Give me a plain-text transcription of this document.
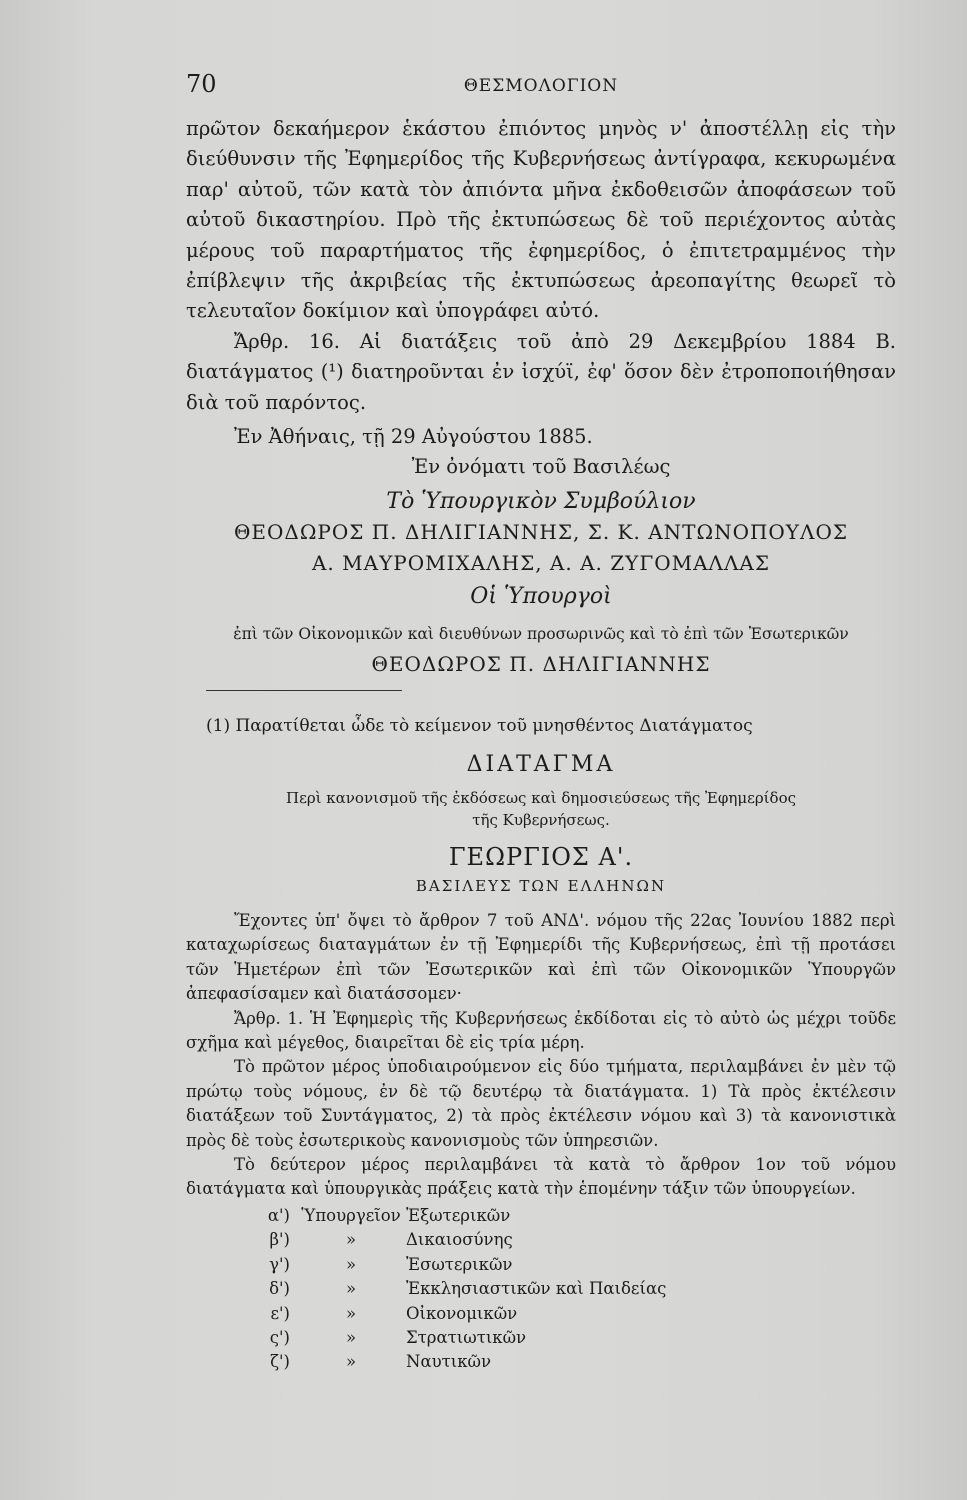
70	ΘΕΣΜΟΛΟΓΙΟΝ

πρῶτον δεκαήμερον ἑκάστου ἐπιόντος μηνὸς ν' ἀποστέλλῃ εἰς τὴν διεύθυνσιν τῆς Ἐφημερίδος τῆς Κυβερνήσεως ἀντίγραφα, κεκυρωμένα παρ' αὐτοῦ, τῶν κατὰ τὸν ἀπιόντα μῆνα ἐκδοθεισῶν ἀποφάσεων τοῦ αὐτοῦ δικαστηρίου. Πρὸ τῆς ἐκτυπώσεως δὲ τοῦ περιέχοντος αὐτὰς μέρους τοῦ παραρτήματος τῆς ἐφημερίδος, ὁ ἐπιτετραμμένος τὴν ἐπίβλεψιν τῆς ἀκριβείας τῆς ἐκτυπώσεως ἀρεοπαγίτης θεωρεῖ τὸ τελευταῖον δοκίμιον καὶ ὑπογράφει αὐτό.

Ἄρθρ. 16. Αἱ διατάξεις τοῦ ἀπὸ 29 Δεκεμβρίου 1884 Β. διατάγματος (¹) διατηροῦνται ἐν ἰσχύϊ, ἐφ' ὅσον δὲν ἐτροποποιήθησαν διὰ τοῦ παρόντος.

Ἐν Ἀθήναις, τῇ 29 Αὐγούστου 1885.

Ἐν ὀνόματι τοῦ Βασιλέως

Τὸ Ὑπουργικὸν Συμβούλιον

ΘΕΟΔΩΡΟΣ Π. ΔΗΛΙΓΙΑΝΝΗΣ, Σ. Κ. ΑΝΤΩΝΟΠΟΥΛΟΣ

Α. ΜΑΥΡΟΜΙΧΑΛΗΣ, Α. Α. ΖΥΓΟΜΑΛΛΑΣ

Οἱ Ὑπουργοὶ

ἐπὶ τῶν Οἰκονομικῶν καὶ διευθύνων προσωρινῶς καὶ τὸ ἐπὶ τῶν Ἐσωτερικῶν

ΘΕΟΔΩΡΟΣ Π. ΔΗΛΙΓΙΑΝΝΗΣ

(1) Παρατίθεται ὧδε τὸ κείμενον τοῦ μνησθέντος Διατάγματος
ΔΙΑΤΑΓΜΑ
Περὶ κανονισμοῦ τῆς ἐκδόσεως καὶ δημοσιεύσεως τῆς Ἐφημερίδος
τῆς Κυβερνήσεως.
ΓΕΩΡΓΙΟΣ Α'.
ΒΑΣΙΛΕΥΣ ΤΩΝ ΕΛΛΗΝΩΝ

Ἔχοντες ὑπ' ὄψει τὸ ἄρθρον 7 τοῦ ΑΝΔ'. νόμου τῆς 22ας Ἰουνίου 1882 περὶ καταχωρίσεως διαταγμάτων ἐν τῇ Ἐφημερίδι τῆς Κυβερνήσεως, ἐπὶ τῇ προτάσει τῶν Ἡμετέρων ἐπὶ τῶν Ἐσωτερικῶν καὶ ἐπὶ τῶν Οἰκονομικῶν Ὑπουργῶν ἀπεφασίσαμεν καὶ διατάσσομεν·

Ἄρθρ. 1. Ἡ Ἐφημερὶς τῆς Κυβερνήσεως ἐκδίδοται εἰς τὸ αὐτὸ ὡς μέχρι τοῦδε σχῆμα καὶ μέγεθος, διαιρεῖται δὲ εἰς τρία μέρη.

Τὸ πρῶτον μέρος ὑποδιαιρούμενον εἰς δύο τμήματα, περιλαμβάνει ἐν μὲν τῷ πρώτῳ τοὺς νόμους, ἐν δὲ τῷ δευτέρῳ τὰ διατάγματα. 1) Τὰ πρὸς ἐκτέλεσιν διατάξεων τοῦ Συντάγματος, 2) τὰ πρὸς ἐκτέλεσιν νόμου καὶ 3) τὰ κανονιστικὰ πρὸς δὲ τοὺς ἐσωτερικοὺς κανονισμοὺς τῶν ὑπηρεσιῶν.

Τὸ δεύτερον μέρος περιλαμβάνει τὰ κατὰ τὸ ἄρθρον 1ον τοῦ νόμου διατάγματα καὶ ὑπουργικὰς πράξεις κατὰ τὴν ἑπομένην τάξιν τῶν ὑπουργείων.

α') Ὑπουργεῖον Ἐξωτερικῶν
β')	»	Δικαιοσύνης
γ')	»	Ἐσωτερικῶν
δ')	»	Ἐκκλησιαστικῶν καὶ Παιδείας
ε')	»	Οἰκονομικῶν
ς')	»	Στρατιωτικῶν
ζ')	»	Ναυτικῶν
